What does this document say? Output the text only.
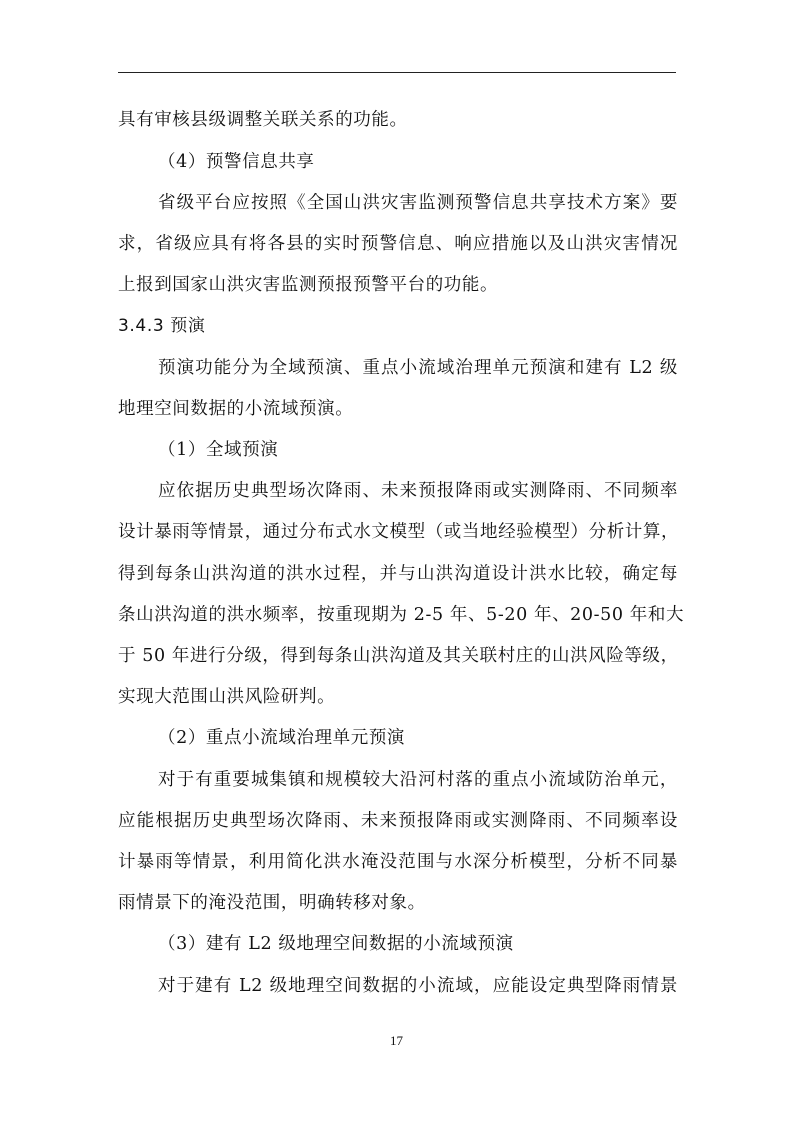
具有审核县级调整关联关系的功能。
（4）预警信息共享
省级平台应按照《全国山洪灾害监测预警信息共享技术方案》要
求，省级应具有将各县的实时预警信息、响应措施以及山洪灾害情况
上报到国家山洪灾害监测预报预警平台的功能。
3.4.3 预演
预演功能分为全域预演、重点小流域治理单元预演和建有 L2 级
地理空间数据的小流域预演。
（1）全域预演
应依据历史典型场次降雨、未来预报降雨或实测降雨、不同频率
设计暴雨等情景，通过分布式水文模型（或当地经验模型）分析计算，
得到每条山洪沟道的洪水过程，并与山洪沟道设计洪水比较，确定每
条山洪沟道的洪水频率，按重现期为 2-5 年、5-20 年、20-50 年和大
于 50 年进行分级，得到每条山洪沟道及其关联村庄的山洪风险等级，
实现大范围山洪风险研判。
（2）重点小流域治理单元预演
对于有重要城集镇和规模较大沿河村落的重点小流域防治单元，
应能根据历史典型场次降雨、未来预报降雨或实测降雨、不同频率设
计暴雨等情景，利用简化洪水淹没范围与水深分析模型，分析不同暴
雨情景下的淹没范围，明确转移对象。
（3）建有 L2 级地理空间数据的小流域预演
对于建有 L2 级地理空间数据的小流域，应能设定典型降雨情景
17
